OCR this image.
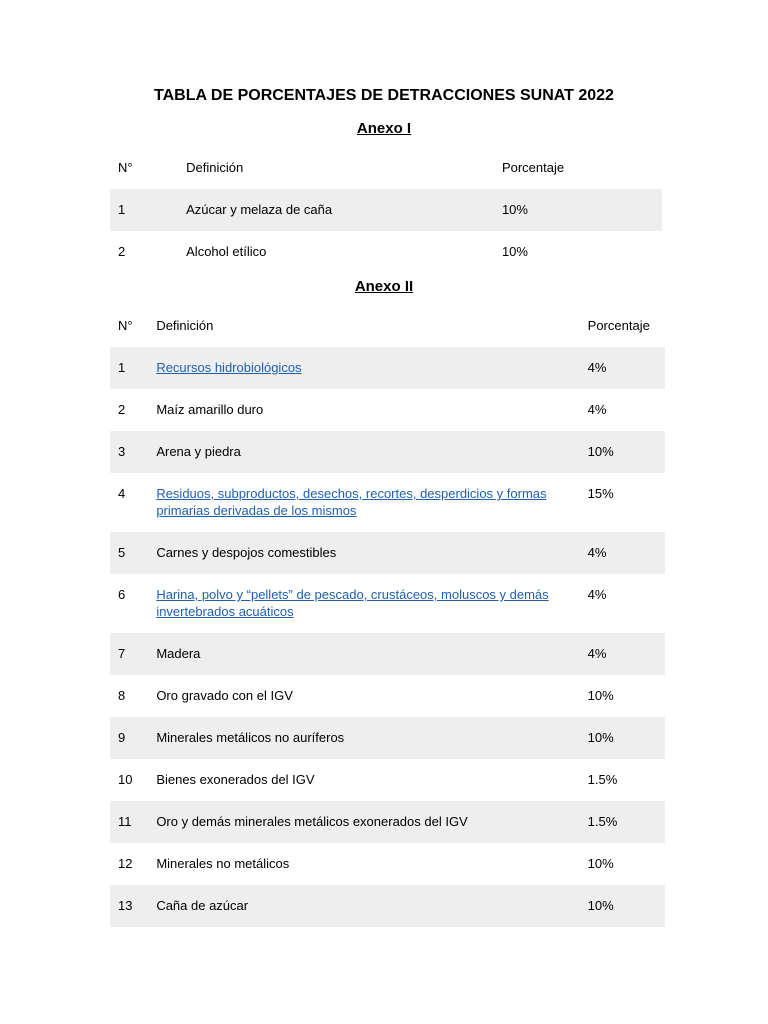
TABLA DE PORCENTAJES DE DETRACCIONES SUNAT 2022
Anexo I
N°	Definición	Porcentaje
1	Azúcar y melaza de caña	10%
2	Alcohol etílico	10%
Anexo II
N°	Definición	Porcentaje
1	Recursos hidrobiológicos	4%
2	Maíz amarillo duro	4%
3	Arena y piedra	10%
4	Residuos, subproductos, desechos, recortes, desperdicios y formas primarias derivadas de los mismos	15%
5	Carnes y despojos comestibles	4%
6	Harina, polvo y “pellets” de pescado, crustáceos, moluscos y demás invertebrados acuáticos	4%
7	Madera	4%
8	Oro gravado con el IGV	10%
9	Minerales metálicos no auríferos	10%
10	Bienes exonerados del IGV	1.5%
11	Oro y demás minerales metálicos exonerados del IGV	1.5%
12	Minerales no metálicos	10%
13	Caña de azúcar	10%
